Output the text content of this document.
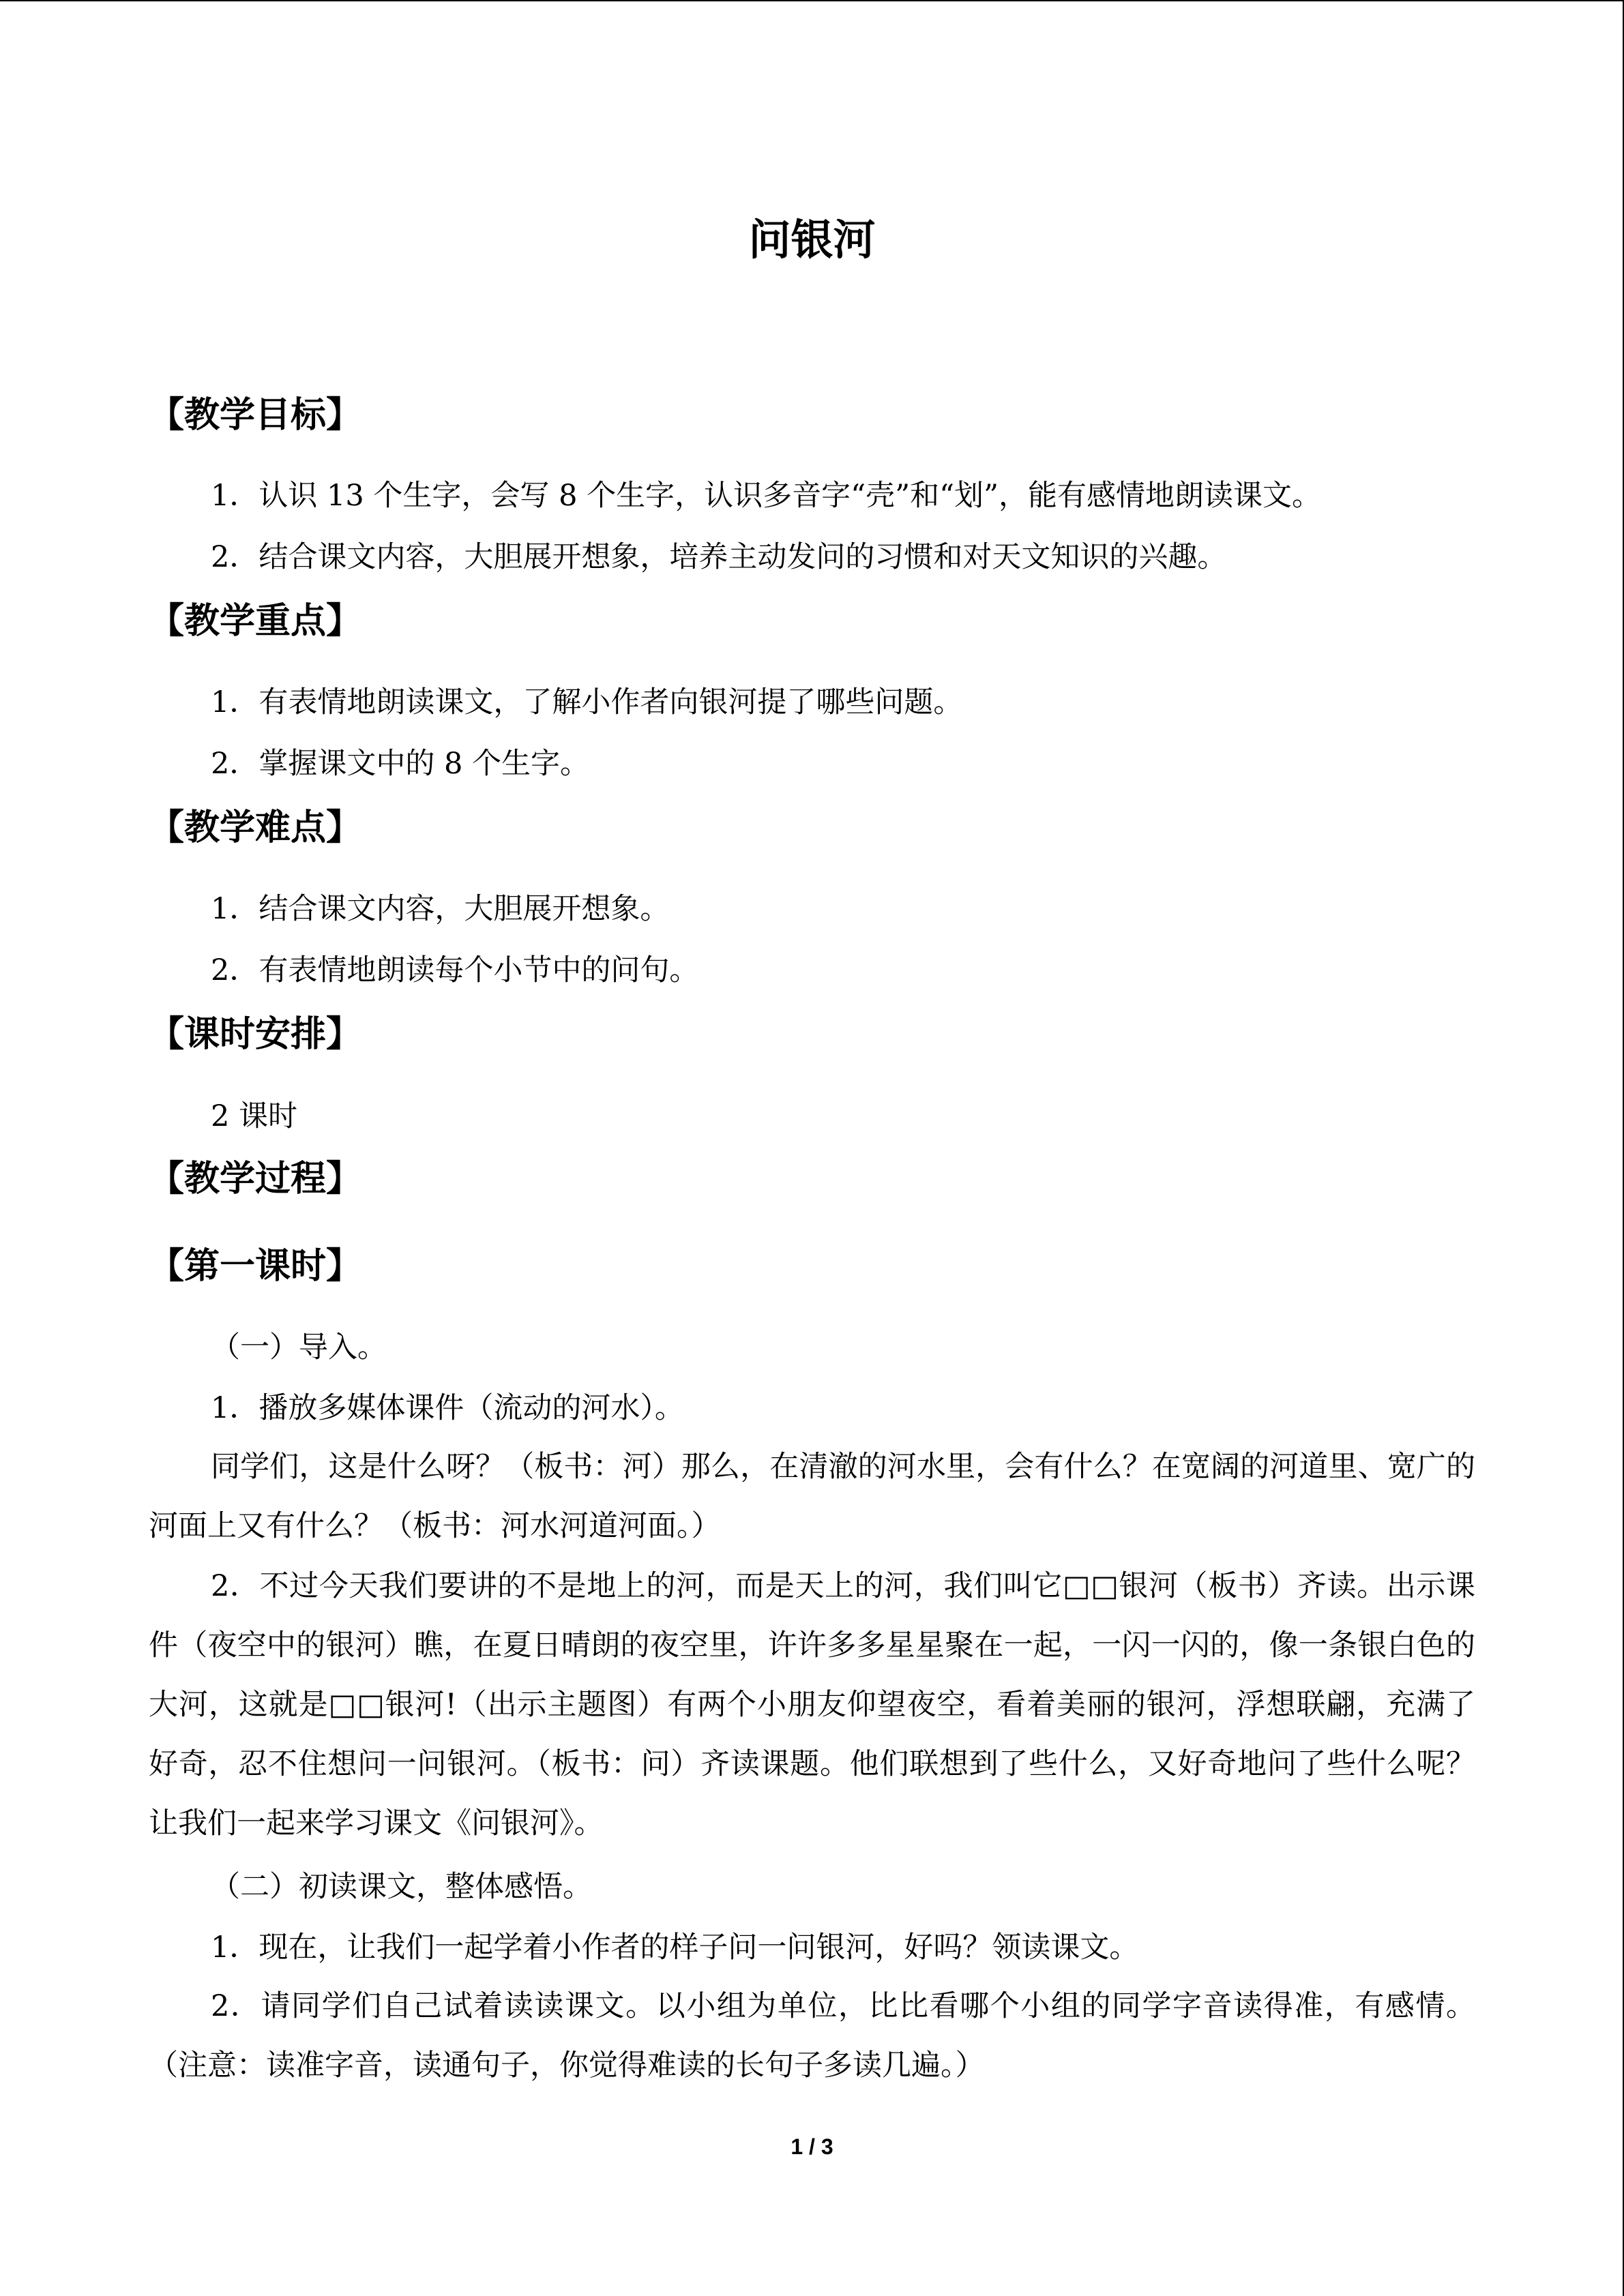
问银河
【教学目标】
1．认识 13 个生字，会写 8 个生字，认识多音字“壳”和“划”，能有感情地朗读课文。
2．结合课文内容，大胆展开想象，培养主动发问的习惯和对天文知识的兴趣。
【教学重点】
1．有表情地朗读课文，了解小作者向银河提了哪些问题。
2．掌握课文中的 8 个生字。
【教学难点】
1．结合课文内容，大胆展开想象。
2．有表情地朗读每个小节中的问句。
【课时安排】
2 课时
【教学过程】
【第一课时】
（一）导入。
1．播放多媒体课件（流动的河水）。
同学们，这是什么呀？（板书：河）那么，在清澈的河水里，会有什么？在宽阔的河道里、宽广的河面上又有什么？（板书：河水河道河面。）
2．不过今天我们要讲的不是地上的河，而是天上的河，我们叫它□□银河（板书）齐读。出示课件（夜空中的银河）瞧，在夏日晴朗的夜空里，许许多多星星聚在一起，一闪一闪的，像一条银白色的大河，这就是□□银河!（出示主题图）有两个小朋友仰望夜空，看着美丽的银河，浮想联翩，充满了好奇，忍不住想问一问银河。（板书：问）齐读课题。他们联想到了些什么，又好奇地问了些什么呢？让我们一起来学习课文《问银河》。
（二）初读课文，整体感悟。
1．现在，让我们一起学着小作者的样子问一问银河，好吗？领读课文。
2．请同学们自己试着读读课文。以小组为单位，比比看哪个小组的同学字音读得准，有感情。（注意：读准字音，读通句子，你觉得难读的长句子多读几遍。）
1 / 3
